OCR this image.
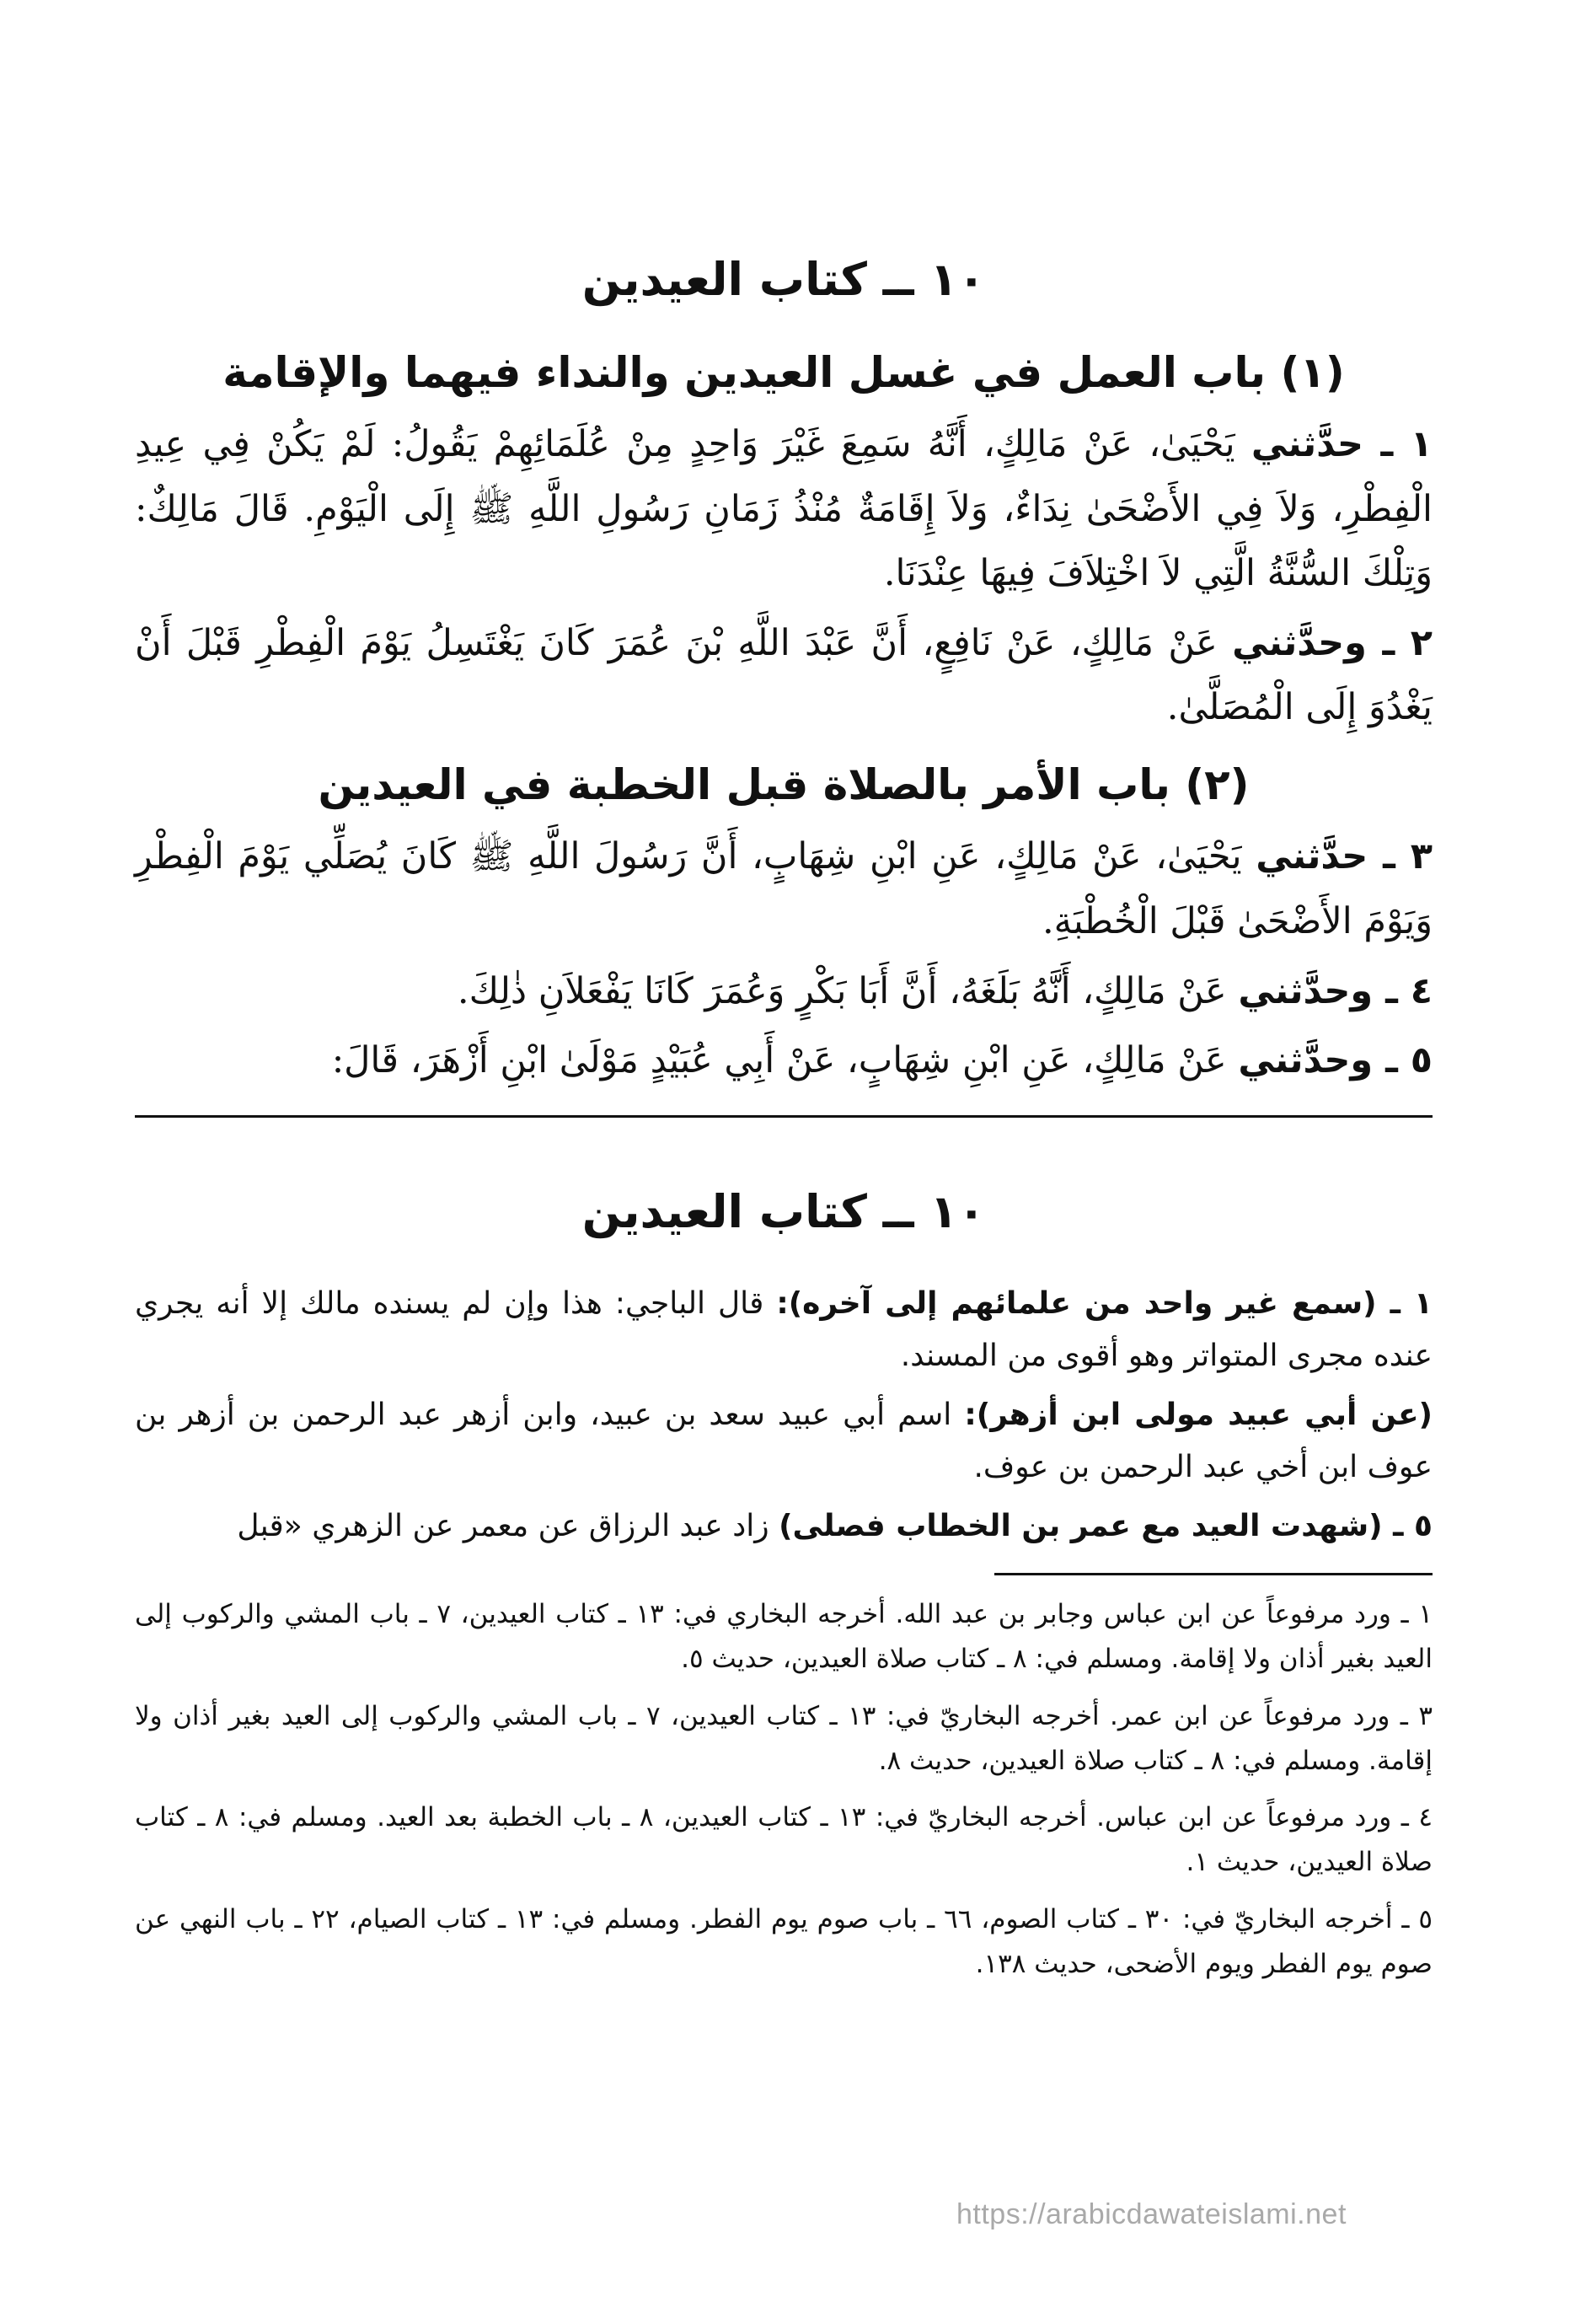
١٠ ــ كتاب العيدين
(١) باب العمل في غسل العيدين والنداء فيهما والإقامة

١ ـ حدَّثني يَحْيَىٰ، عَنْ مَالِكٍ، أَنَّهُ سَمِعَ غَيْرَ وَاحِدٍ مِنْ عُلَمَائِهِمْ يَقُولُ: لَمْ يَكُنْ فِي عِيدِ الْفِطْرِ، وَلاَ فِي الأَضْحَىٰ نِدَاءٌ، وَلاَ إِقَامَةٌ مُنْذُ زَمَانِ رَسُولِ اللَّهِ ﷺ إِلَى الْيَوْمِ. قَالَ مَالِكٌ: وَتِلْكَ السُّنَّةُ الَّتِي لاَ اخْتِلاَفَ فِيهَا عِنْدَنَا.

٢ ـ وحدَّثني عَنْ مَالِكٍ، عَنْ نَافِعٍ، أَنَّ عَبْدَ اللَّهِ بْنَ عُمَرَ كَانَ يَغْتَسِلُ يَوْمَ الْفِطْرِ قَبْلَ أَنْ يَغْدُوَ إِلَى الْمُصَلَّىٰ.

(٢) باب الأمر بالصلاة قبل الخطبة في العيدين

٣ ـ حدَّثني يَحْيَىٰ، عَنْ مَالِكٍ، عَنِ ابْنِ شِهَابٍ، أَنَّ رَسُولَ اللَّهِ ﷺ كَانَ يُصَلِّي يَوْمَ الْفِطْرِ وَيَوْمَ الأَضْحَىٰ قَبْلَ الْخُطْبَةِ.

٤ ـ وحدَّثني عَنْ مَالِكٍ، أَنَّهُ بَلَغَهُ، أَنَّ أَبَا بَكْرٍ وَعُمَرَ كَانَا يَفْعَلاَنِ ذٰلِكَ.

٥ ـ وحدَّثني عَنْ مَالِكٍ، عَنِ ابْنِ شِهَابٍ، عَنْ أَبِي عُبَيْدٍ مَوْلَىٰ ابْنِ أَزْهَرَ، قَالَ:

١٠ ــ كتاب العيدين

١ ـ (سمع غير واحد من علمائهم إلى آخره): قال الباجي: هذا وإن لم يسنده مالك إلا أنه يجري عنده مجرى المتواتر وهو أقوى من المسند.

(عن أبي عبيد مولى ابن أزهر): اسم أبي عبيد سعد بن عبيد، وابن أزهر عبد الرحمن بن أزهر بن عوف ابن أخي عبد الرحمن بن عوف.

٥ ـ (شهدت العيد مع عمر بن الخطاب فصلى) زاد عبد الرزاق عن معمر عن الزهري «قبل

١ ـ ورد مرفوعاً عن ابن عباس وجابر بن عبد الله. أخرجه البخاري في: ١٣ ـ كتاب العيدين، ٧ ـ باب المشي والركوب إلى العيد بغير أذان ولا إقامة. ومسلم في: ٨ ـ كتاب صلاة العيدين، حديث ٥.

٣ ـ ورد مرفوعاً عن ابن عمر. أخرجه البخاريّ في: ١٣ ـ كتاب العيدين، ٧ ـ باب المشي والركوب إلى العيد بغير أذان ولا إقامة. ومسلم في: ٨ ـ كتاب صلاة العيدين، حديث ٨.

٤ ـ ورد مرفوعاً عن ابن عباس. أخرجه البخاريّ في: ١٣ ـ كتاب العيدين، ٨ ـ باب الخطبة بعد العيد. ومسلم في: ٨ ـ كتاب صلاة العيدين، حديث ١.

٥ ـ أخرجه البخاريّ في: ٣٠ ـ كتاب الصوم، ٦٦ ـ باب صوم يوم الفطر. ومسلم في: ١٣ ـ كتاب الصيام، ٢٢ ـ باب النهي عن صوم يوم الفطر ويوم الأضحى، حديث ١٣٨.

https://arabicdawateislami.net
